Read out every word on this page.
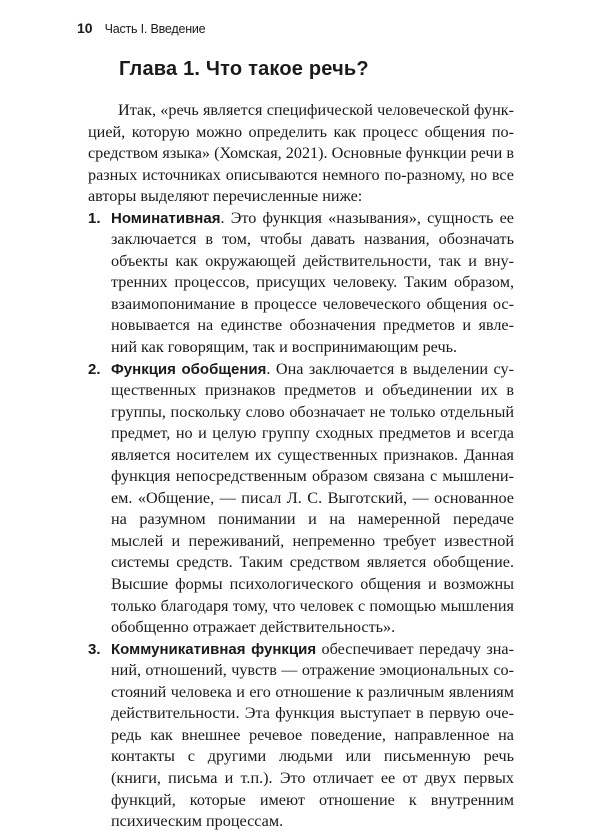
10 Часть I. Введение
Глава 1. Что такое речь?

Итак, «речь является специфической человеческой функцией, которую можно определить как процесс общения посредством языка» (Хомская, 2021). Основные функции речи в разных источниках описываются немного по-разному, но все авторы выделяют перечисленные ниже:

1. Номинативная. Это функция «называния», сущность ее заключается в том, чтобы давать названия, обозначать объекты как окружающей действительности, так и внутренних процессов, присущих человеку. Таким образом, взаимопонимание в процессе человеческого общения основывается на единстве обозначения предметов и явлений как говорящим, так и воспринимающим речь.
2. Функция обобщения. Она заключается в выделении существенных признаков предметов и объединении их в группы, поскольку слово обозначает не только отдельный предмет, но и целую группу сходных предметов и всегда является носителем их существенных признаков. Данная функция непосредственным образом связана с мышлением. «Общение, — писал Л. С. Выготский, — основанное на разумном понимании и на намеренной передаче мыслей и переживаний, непременно требует известной системы средств. Таким средством является обобщение. Высшие формы психологического общения и возможны только благодаря тому, что человек с помощью мышления обобщенно отражает действительность».
3. Коммуникативная функция обеспечивает передачу знаний, отношений, чувств — отражение эмоциональных состояний человека и его отношение к различным явлениям действительности. Эта функция выступает в первую очередь как внешнее речевое поведение, направленное на контакты с другими людьми или письменную речь (книги, письма и т.п.). Это отличает ее от двух первых функций, которые имеют отношение к внутренним психическим процессам.
